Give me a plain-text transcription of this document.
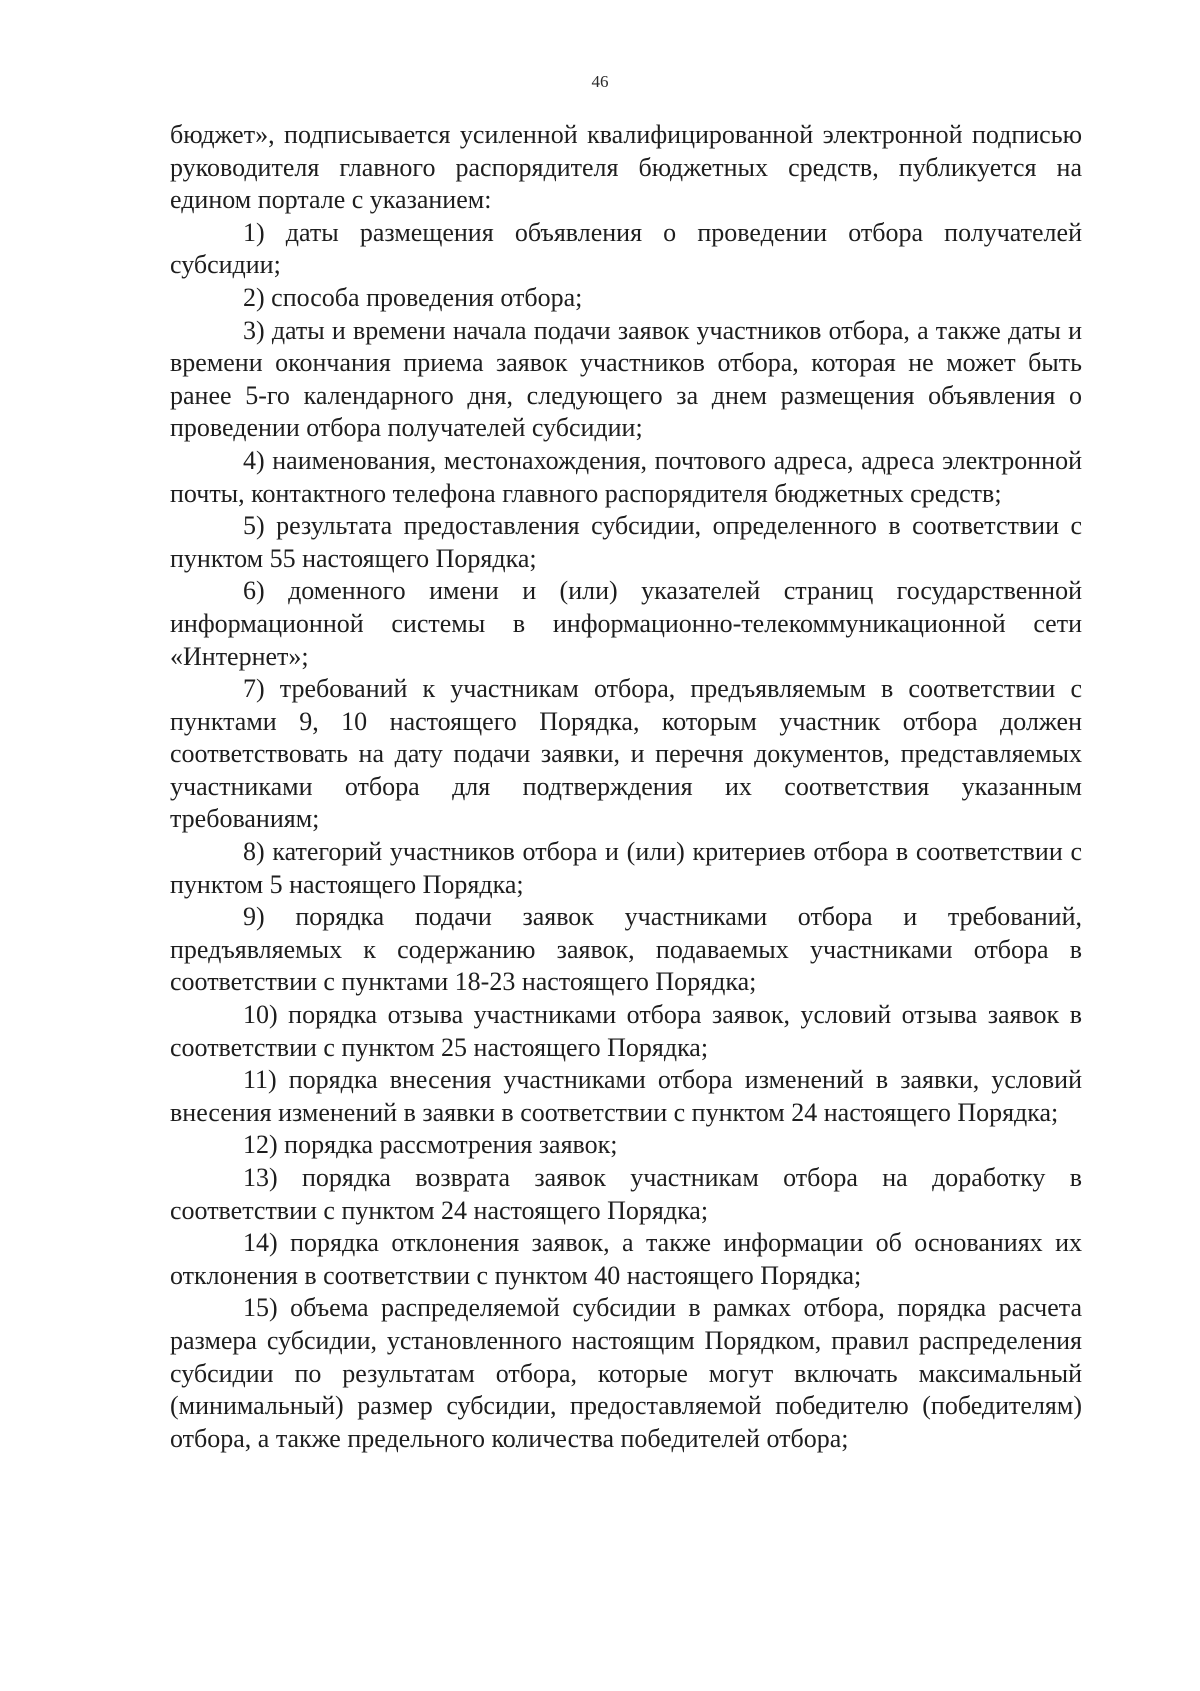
46

бюджет», подписывается усиленной квалифицированной электронной подписью руководителя главного распорядителя бюджетных средств, публикуется на едином портале с указанием:

1) даты размещения объявления о проведении отбора получателей субсидии;

2) способа проведения отбора;

3) даты и времени начала подачи заявок участников отбора, а также даты и времени окончания приема заявок участников отбора, которая не может быть ранее 5-го календарного дня, следующего за днем размещения объявления о проведении отбора получателей субсидии;

4) наименования, местонахождения, почтового адреса, адреса электронной почты, контактного телефона главного распорядителя бюджетных средств;

5) результата предоставления субсидии, определенного в соответствии с пунктом 55 настоящего Порядка;

6) доменного имени и (или) указателей страниц государственной информационной системы в информационно-телекоммуникационной сети «Интернет»;

7) требований к участникам отбора, предъявляемым в соответствии с пунктами 9, 10 настоящего Порядка, которым участник отбора должен соответствовать на дату подачи заявки, и перечня документов, представляемых участниками отбора для подтверждения их соответствия указанным требованиям;

8) категорий участников отбора и (или) критериев отбора в соответствии с пунктом 5 настоящего Порядка;

9) порядка подачи заявок участниками отбора и требований, предъявляемых к содержанию заявок, подаваемых участниками отбора в соответствии с пунктами 18-23 настоящего Порядка;

10) порядка отзыва участниками отбора заявок, условий отзыва заявок в соответствии с пунктом 25 настоящего Порядка;

11) порядка внесения участниками отбора изменений в заявки, условий внесения изменений в заявки в соответствии с пунктом 24 настоящего Порядка;

12) порядка рассмотрения заявок;

13) порядка возврата заявок участникам отбора на доработку в соответствии с пунктом 24 настоящего Порядка;

14) порядка отклонения заявок, а также информации об основаниях их отклонения в соответствии с пунктом 40 настоящего Порядка;

15) объема распределяемой субсидии в рамках отбора, порядка расчета размера субсидии, установленного настоящим Порядком, правил распределения субсидии по результатам отбора, которые могут включать максимальный (минимальный) размер субсидии, предоставляемой победителю (победителям) отбора, а также предельного количества победителей отбора;
